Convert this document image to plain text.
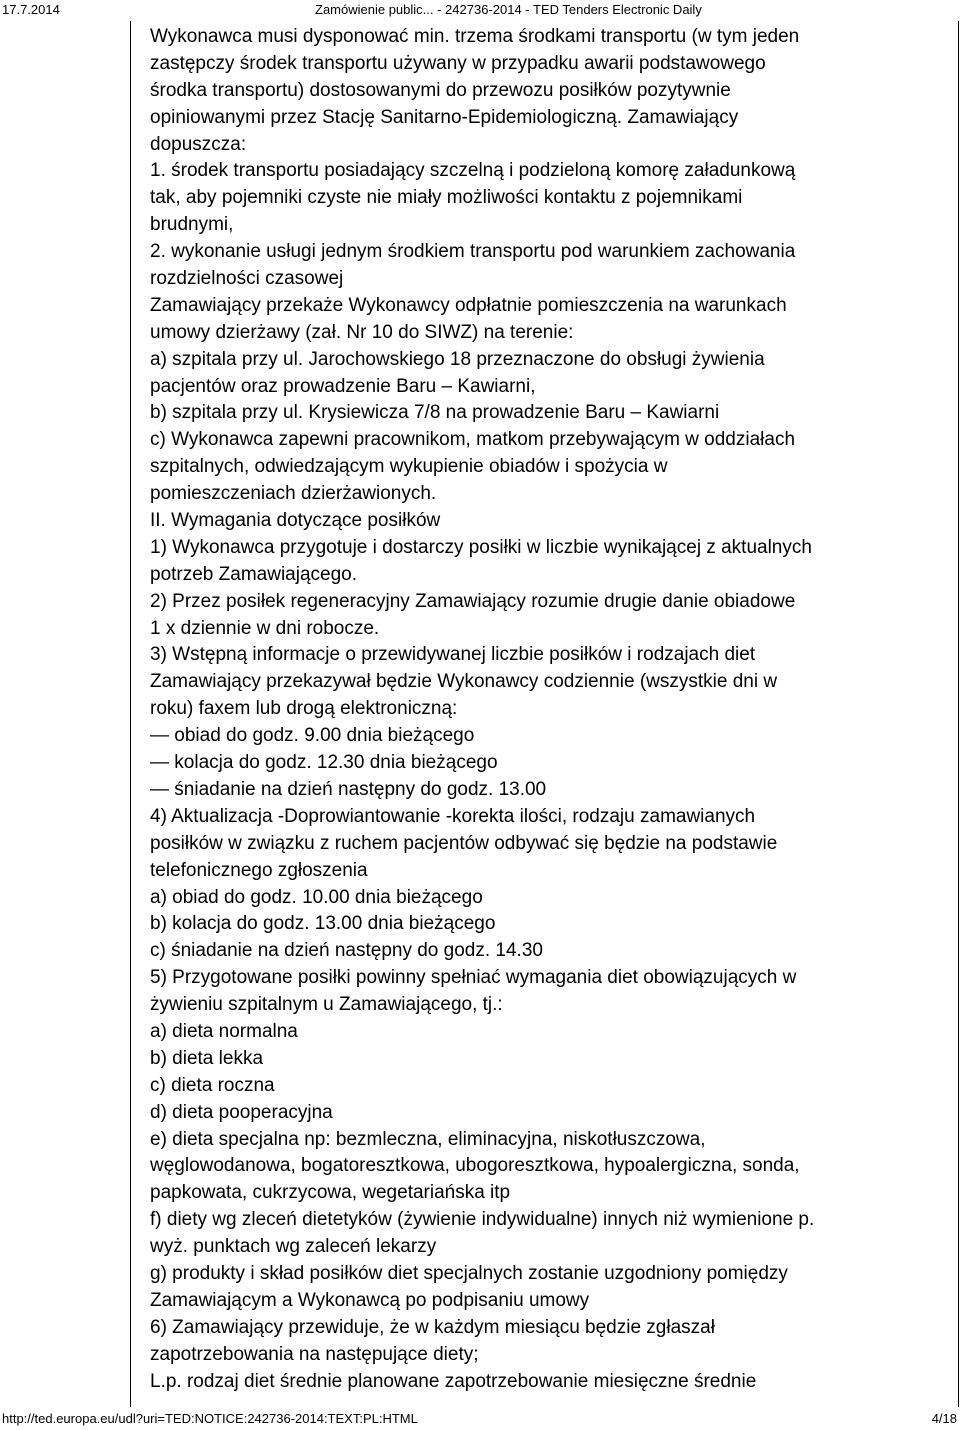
17.7.2014	Zamówienie public... - 242736-2014 - TED Tenders Electronic Daily
Wykonawca musi dysponować min. trzema środkami transportu (w tym jeden
zastępczy środek transportu używany w przypadku awarii podstawowego
środka transportu) dostosowanymi do przewozu posiłków pozytywnie
opiniowanymi przez Stację Sanitarno-Epidemiologiczną. Zamawiający
dopuszcza:
1. środek transportu posiadający szczelną i podzieloną komorę załadunkową
tak, aby pojemniki czyste nie miały możliwości kontaktu z pojemnikami
brudnymi,
2. wykonanie usługi jednym środkiem transportu pod warunkiem zachowania
rozdzielności czasowej
Zamawiający przekaże Wykonawcy odpłatnie pomieszczenia na warunkach
umowy dzierżawy (zał. Nr 10 do SIWZ) na terenie:
a) szpitala przy ul. Jarochowskiego 18 przeznaczone do obsługi żywienia
pacjentów oraz prowadzenie Baru – Kawiarni,
b) szpitala przy ul. Krysiewicza 7/8 na prowadzenie Baru – Kawiarni
c) Wykonawca zapewni pracownikom, matkom przebywającym w oddziałach
szpitalnych, odwiedzającym wykupienie obiadów i spożycia w
pomieszczeniach dzierżawionych.
II. Wymagania dotyczące posiłków
1) Wykonawca przygotuje i dostarczy posiłki w liczbie wynikającej z aktualnych
potrzeb Zamawiającego.
2) Przez posiłek regeneracyjny Zamawiający rozumie drugie danie obiadowe
1 x dziennie w dni robocze.
3) Wstępną informacje o przewidywanej liczbie posiłków i rodzajach diet
Zamawiający przekazywał będzie Wykonawcy codziennie (wszystkie dni w
roku) faxem lub drogą elektroniczną:
— obiad do godz. 9.00 dnia bieżącego
— kolacja do godz. 12.30 dnia bieżącego
— śniadanie na dzień następny do godz. 13.00
4) Aktualizacja -Doprowiantowanie -korekta ilości, rodzaju zamawianych
posiłków w związku z ruchem pacjentów odbywać się będzie na podstawie
telefonicznego zgłoszenia
a) obiad do godz. 10.00 dnia bieżącego
b) kolacja do godz. 13.00 dnia bieżącego
c) śniadanie na dzień następny do godz. 14.30
5) Przygotowane posiłki powinny spełniać wymagania diet obowiązujących w
żywieniu szpitalnym u Zamawiającego, tj.:
a) dieta normalna
b) dieta lekka
c) dieta roczna
d) dieta pooperacyjna
e) dieta specjalna np: bezmleczna, eliminacyjna, niskotłuszczowa,
węglowodanowa, bogatoresztkowa, ubogoresztkowa, hypoalergiczna, sonda,
papkowata, cukrzycowa, wegetariańska itp
f) diety wg zleceń dietetyków (żywienie indywidualne) innych niż wymienione p.
wyż. punktach wg zaleceń lekarzy
g) produkty i skład posiłków diet specjalnych zostanie uzgodniony pomiędzy
Zamawiającym a Wykonawcą po podpisaniu umowy
6) Zamawiający przewiduje, że w każdym miesiącu będzie zgłaszał
zapotrzebowania na następujące diety;
L.p. rodzaj diet średnie planowane zapotrzebowanie miesięczne średnie
http://ted.europa.eu/udl?uri=TED:NOTICE:242736-2014:TEXT:PL:HTML	4/18
